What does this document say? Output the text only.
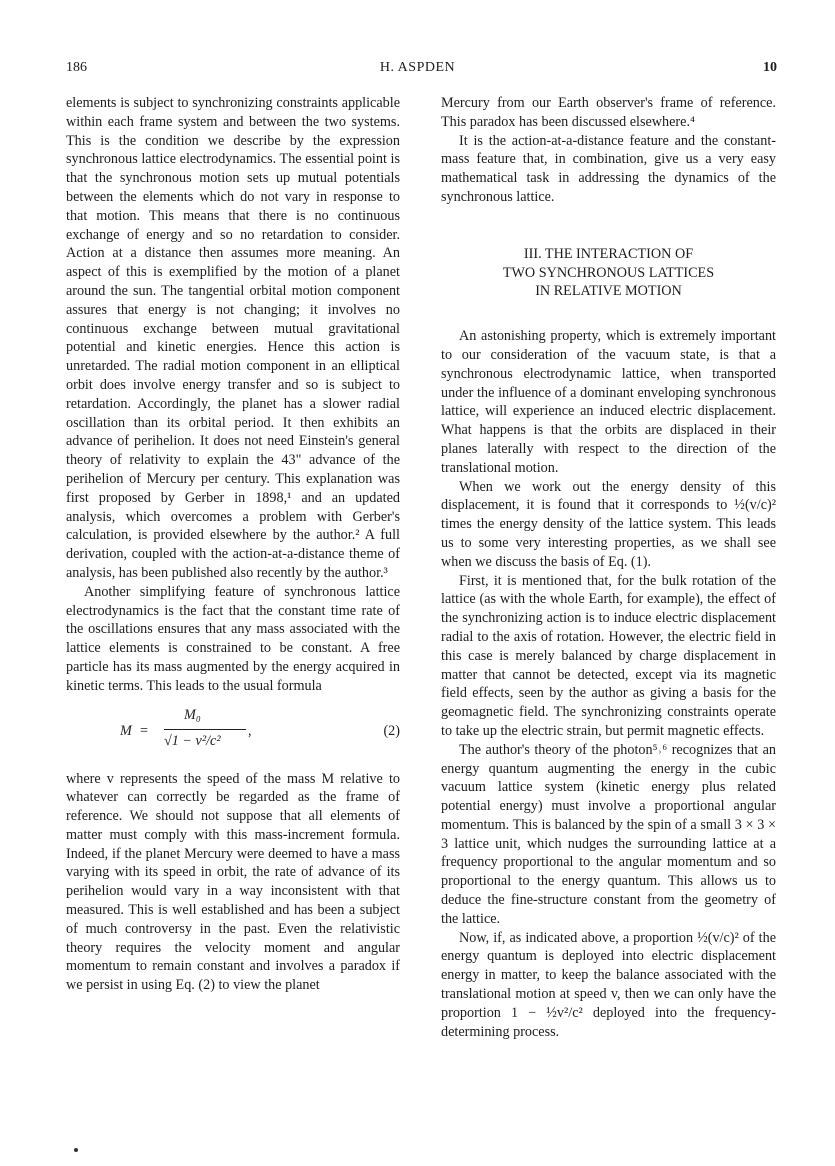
186	H. ASPDEN	10

elements is subject to synchronizing constraints applicable within each frame system and between the two systems. This is the condition we describe by the expression synchronous lattice electrodynamics. The essential point is that the synchronous motion sets up mutual potentials between the elements which do not vary in response to that motion. This means that there is no continuous exchange of energy and so no retardation to consider. Action at a distance then assumes more meaning. An aspect of this is exemplified by the motion of a planet around the sun. The tangential orbital motion component assures that energy is not changing; it involves no continuous exchange between mutual gravitational potential and kinetic energies. Hence this action is unretarded. The radial motion component in an elliptical orbit does involve energy transfer and so is subject to retardation. Accordingly, the planet has a slower radial oscillation than its orbital period. It then exhibits an advance of perihelion. It does not need Einstein's general theory of relativity to explain the 43" advance of the perihelion of Mercury per century. This explanation was first proposed by Gerber in 1898,¹ and an updated analysis, which overcomes a problem with Gerber's calculation, is provided elsewhere by the author.² A full derivation, coupled with the action-at-a-distance theme of analysis, has been published also recently by the author.³

Another simplifying feature of synchronous lattice electrodynamics is the fact that the constant time rate of the oscillations ensures that any mass associated with the lattice elements is constrained to be constant. A free particle has its mass augmented by the energy acquired in kinetic terms. This leads to the usual formula

M =
M₀
√1 − v²/c²
,	(2)

where v represents the speed of the mass M relative to whatever can correctly be regarded as the frame of reference. We should not suppose that all elements of matter must comply with this mass-increment formula. Indeed, if the planet Mercury were deemed to have a mass varying with its speed in orbit, the rate of advance of its perihelion would vary in a way inconsistent with that measured. This is well established and has been a subject of much controversy in the past. Even the relativistic theory requires the velocity moment and angular momentum to remain constant and involves a paradox if we persist in using Eq. (2) to view the planet

Mercury from our Earth observer's frame of reference. This paradox has been discussed elsewhere.⁴

It is the action-at-a-distance feature and the constant-mass feature that, in combination, give us a very easy mathematical task in addressing the dynamics of the synchronous lattice.

III. THE INTERACTION OF

TWO SYNCHRONOUS LATTICES

IN RELATIVE MOTION

An astonishing property, which is extremely important to our consideration of the vacuum state, is that a synchronous electrodynamic lattice, when transported under the influence of a dominant enveloping synchronous lattice, will experience an induced electric displacement. What happens is that the orbits are displaced in their planes laterally with respect to the direction of the translational motion.

When we work out the energy density of this displacement, it is found that it corresponds to ½(v/c)² times the energy density of the lattice system. This leads us to some very interesting properties, as we shall see when we discuss the basis of Eq. (1).

First, it is mentioned that, for the bulk rotation of the lattice (as with the whole Earth, for example), the effect of the synchronizing action is to induce electric displacement radial to the axis of rotation. However, the electric field in this case is merely balanced by charge displacement in matter that cannot be detected, except via its magnetic field effects, seen by the author as giving a basis for the geomagnetic field. The synchronizing constraints operate to take up the electric strain, but permit magnetic effects.

The author's theory of the photon⁵˒⁶ recognizes that an energy quantum augmenting the energy in the cubic vacuum lattice system (kinetic energy plus related potential energy) must involve a proportional angular momentum. This is balanced by the spin of a small 3 × 3 × 3 lattice unit, which nudges the surrounding lattice at a frequency proportional to the angular momentum and so proportional to the energy quantum. This allows us to deduce the fine-structure constant from the geometry of the lattice.

Now, if, as indicated above, a proportion ½(v/c)² of the energy quantum is deployed into electric displacement energy in matter, to keep the balance associated with the translational motion at speed v, then we can only have the proportion 1 − ½v²/c² deployed into the frequency-determining process.
